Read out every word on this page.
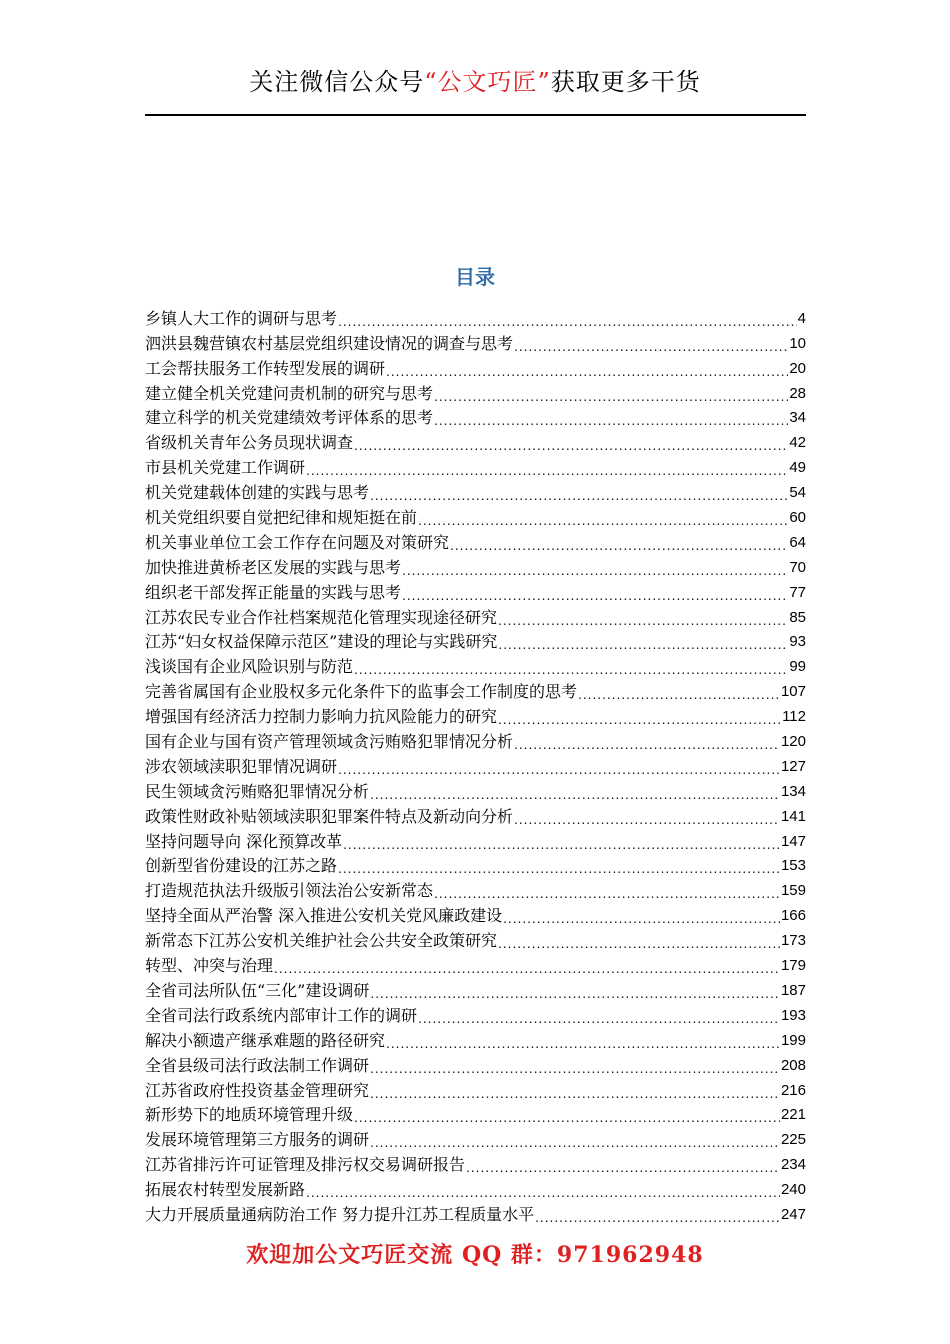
关注微信公众号“公文巧匠”获取更多干货
目录
乡镇人大工作的调研与思考 .....	4
泗洪县魏营镇农村基层党组织建设情况的调查与思考 .....	10
工会帮扶服务工作转型发展的调研 .....	20
建立健全机关党建问责机制的研究与思考 .....	28
建立科学的机关党建绩效考评体系的思考 .....	34
省级机关青年公务员现状调查 .....	42
市县机关党建工作调研 .....	49
机关党建载体创建的实践与思考 .....	54
机关党组织要自觉把纪律和规矩挺在前 .....	60
机关事业单位工会工作存在问题及对策研究 .....	64
加快推进黄桥老区发展的实践与思考 .....	70
组织老干部发挥正能量的实践与思考 .....	77
江苏农民专业合作社档案规范化管理实现途径研究 .....	85
江苏“妇女权益保障示范区”建设的理论与实践研究 .....	93
浅谈国有企业风险识别与防范 .....	99
完善省属国有企业股权多元化条件下的监事会工作制度的思考 .....	107
增强国有经济活力控制力影响力抗风险能力的研究 .....	112
国有企业与国有资产管理领域贪污贿赂犯罪情况分析 .....	120
涉农领域渎职犯罪情况调研 .....	127
民生领域贪污贿赂犯罪情况分析 .....	134
政策性财政补贴领域渎职犯罪案件特点及新动向分析 .....	141
坚持问题导向 深化预算改革 .....	147
创新型省份建设的江苏之路 .....	153
打造规范执法升级版引领法治公安新常态 .....	159
坚持全面从严治警 深入推进公安机关党风廉政建设 .....	166
新常态下江苏公安机关维护社会公共安全政策研究 .....	173
转型、冲突与治理 .....	179
全省司法所队伍“三化”建设调研 .....	187
全省司法行政系统内部审计工作的调研 .....	193
解决小额遗产继承难题的路径研究 .....	199
全省县级司法行政法制工作调研 .....	208
江苏省政府性投资基金管理研究 .....	216
新形势下的地质环境管理升级 .....	221
发展环境管理第三方服务的调研 .....	225
江苏省排污许可证管理及排污权交易调研报告 .....	234
拓展农村转型发展新路 .....	240
大力开展质量通病防治工作 努力提升江苏工程质量水平 .....	247
欢迎加公文巧匠交流 QQ 群：971962948
